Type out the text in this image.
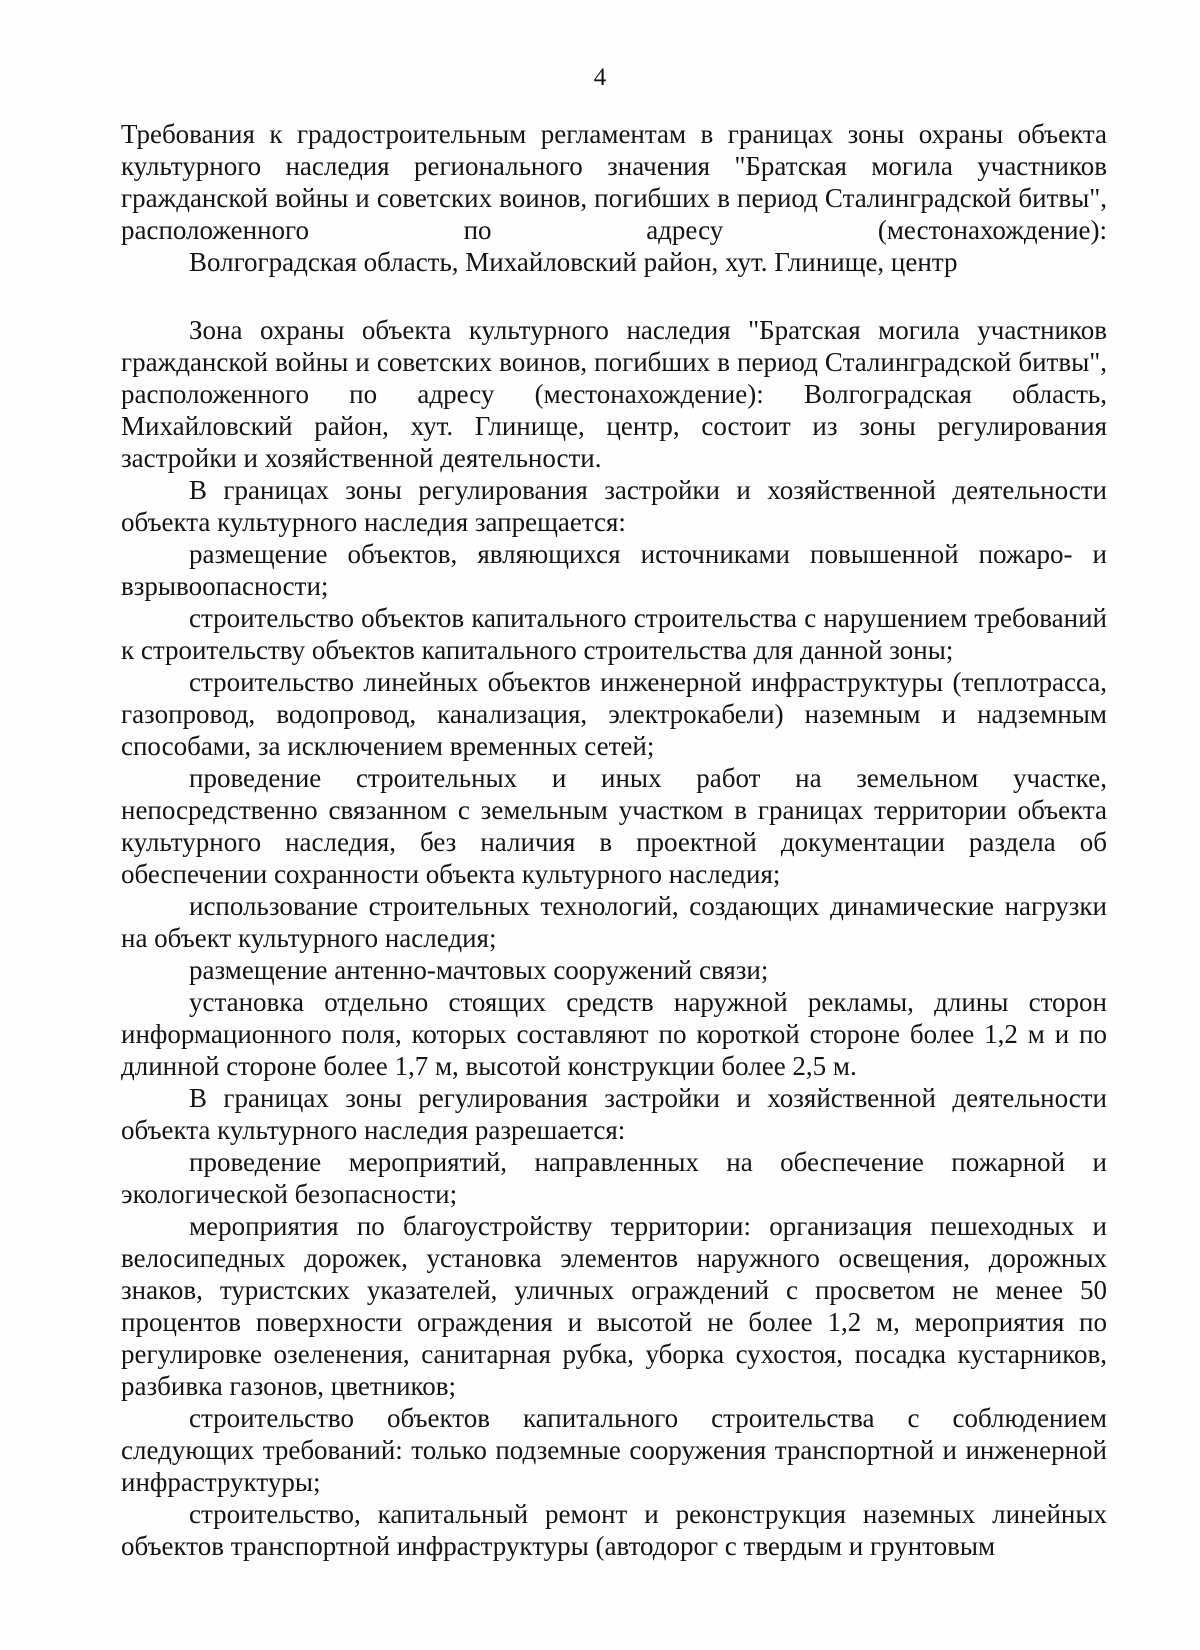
4

Требования к градостроительным регламентам в границах зоны охраны объекта культурного наследия регионального значения "Братская могила участников гражданской войны и советских воинов, погибших в период Сталинградской битвы", расположенного по адресу (местонахождение):

Волгоградская область, Михайловский район, хут. Глинище, центр

Зона охраны объекта культурного наследия "Братская могила участников гражданской войны и советских воинов, погибших в период Сталинградской битвы", расположенного по адресу (местонахождение): Волгоградская область, Михайловский район, хут. Глинище, центр, состоит из зоны регулирования застройки и хозяйственной деятельности.

В границах зоны регулирования застройки и хозяйственной деятельности объекта культурного наследия запрещается:

размещение объектов, являющихся источниками повышенной пожаро- и взрывоопасности;

строительство объектов капитального строительства с нарушением требований к строительству объектов капитального строительства для данной зоны;

строительство линейных объектов инженерной инфраструктуры (теплотрасса, газопровод, водопровод, канализация, электрокабели) наземным и надземным способами, за исключением временных сетей;

проведение строительных и иных работ на земельном участке, непосредственно связанном с земельным участком в границах территории объекта культурного наследия, без наличия в проектной документации раздела об обеспечении сохранности объекта культурного наследия;

использование строительных технологий, создающих динамические нагрузки на объект культурного наследия;

размещение антенно-мачтовых сооружений связи;

установка отдельно стоящих средств наружной рекламы, длины сторон информационного поля, которых составляют по короткой стороне более 1,2 м и по длинной стороне более 1,7 м, высотой конструкции более 2,5 м.

В границах зоны регулирования застройки и хозяйственной деятельности объекта культурного наследия разрешается:

проведение мероприятий, направленных на обеспечение пожарной и экологической безопасности;

мероприятия по благоустройству территории: организация пешеходных и велосипедных дорожек, установка элементов наружного освещения, дорожных знаков, туристских указателей, уличных ограждений с просветом не менее 50 процентов поверхности ограждения и высотой не более 1,2 м, мероприятия по регулировке озеленения, санитарная рубка, уборка сухостоя, посадка кустарников, разбивка газонов, цветников;

строительство объектов капитального строительства с соблюдением следующих требований: только подземные сооружения транспортной и инженерной инфраструктуры;

строительство, капитальный ремонт и реконструкция наземных линейных объектов транспортной инфраструктуры (автодорог с твердым и грунтовым
